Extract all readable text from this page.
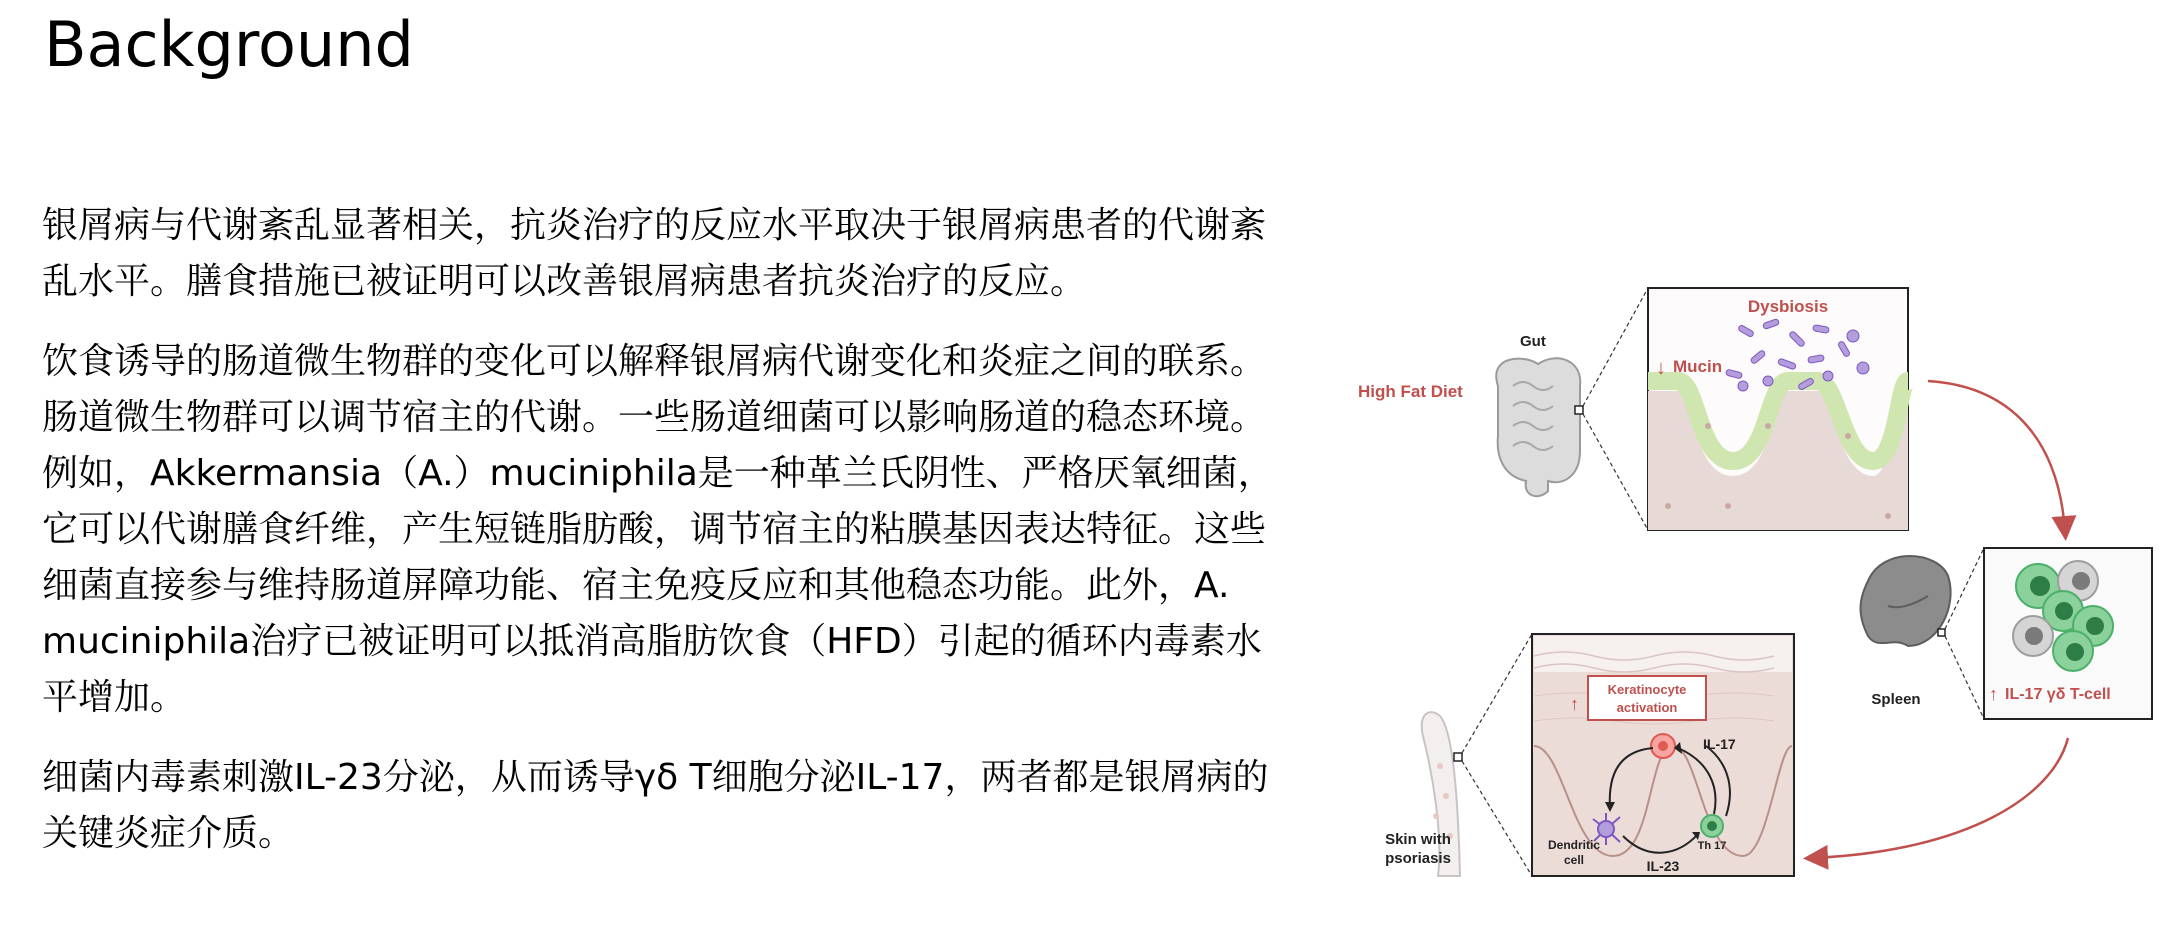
Background

银屑病与代谢紊乱显著相关，抗炎治疗的反应水平取决于银屑病患者的代谢紊乱水平。膳食措施已被证明可以改善银屑病患者抗炎治疗的反应。

饮食诱导的肠道微生物群的变化可以解释银屑病代谢变化和炎症之间的联系。肠道微生物群可以调节宿主的代谢。一些肠道细菌可以影响肠道的稳态环境。例如，Akkermansia（A.）muciniphila是一种革兰氏阴性、严格厌氧细菌，它可以代谢膳食纤维，产生短链脂肪酸，调节宿主的粘膜基因表达特征。这些细菌直接参与维持肠道屏障功能、宿主免疫反应和其他稳态功能。此外，A. muciniphila治疗已被证明可以抵消高脂肪饮食（HFD）引起的循环内毒素水平增加。

细菌内毒素刺激IL-23分泌，从而诱导γδ T细胞分泌IL-17，两者都是银屑病的关键炎症介质。

High Fat Diet
Gut
Dysbiosis
↓ Mucin
Spleen	↑ IL-17 γδ T-cell
Skin with
psoriasis
Keratinocyte
activation
↑
IL-17
Dendritic
cell
Th 17
IL-23
